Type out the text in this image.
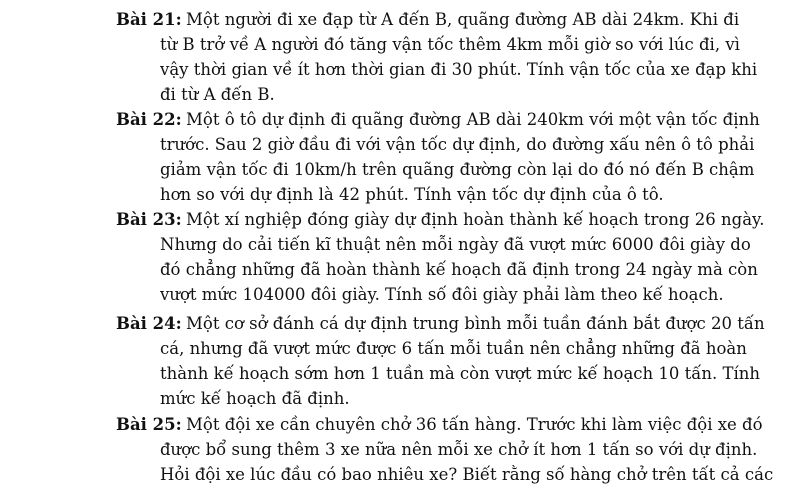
Bài 21: Một người đi xe đạp từ A đến B, quãng đường AB dài 24km. Khi đi
từ B trở về A người đó tăng vận tốc thêm 4km mỗi giờ so với lúc đi, vì
vậy thời gian về ít hơn thời gian đi 30 phút. Tính vận tốc của xe đạp khi
đi từ A đến B.
Bài 22: Một ô tô dự định đi quãng đường AB dài 240km với một vận tốc định
trước. Sau 2 giờ đầu đi với vận tốc dự định, do đường xấu nên ô tô phải
giảm vận tốc đi 10km/h trên quãng đường còn lại do đó nó đến B chậm
hơn so với dự định là 42 phút. Tính vận tốc dự định của ô tô.
Bài 23: Một xí nghiệp đóng giày dự định hoàn thành kế hoạch trong 26 ngày.
Nhưng do cải tiến kĩ thuật nên mỗi ngày đã vượt mức 6000 đôi giày do
đó chẳng những đã hoàn thành kế hoạch đã định trong 24 ngày mà còn
vượt mức 104000 đôi giày. Tính số đôi giày phải làm theo kế hoạch.
Bài 24: Một cơ sở đánh cá dự định trung bình mỗi tuần đánh bắt được 20 tấn
cá, nhưng đã vượt mức được 6 tấn mỗi tuần nên chẳng những đã hoàn
thành kế hoạch sớm hơn 1 tuần mà còn vượt mức kế hoạch 10 tấn. Tính
mức kế hoạch đã định.
Bài 25: Một đội xe cần chuyên chở 36 tấn hàng. Trước khi làm việc đội xe đó
được bổ sung thêm 3 xe nữa nên mỗi xe chở ít hơn 1 tấn so với dự định.
Hỏi đội xe lúc đầu có bao nhiêu xe? Biết rằng số hàng chở trên tất cả các
